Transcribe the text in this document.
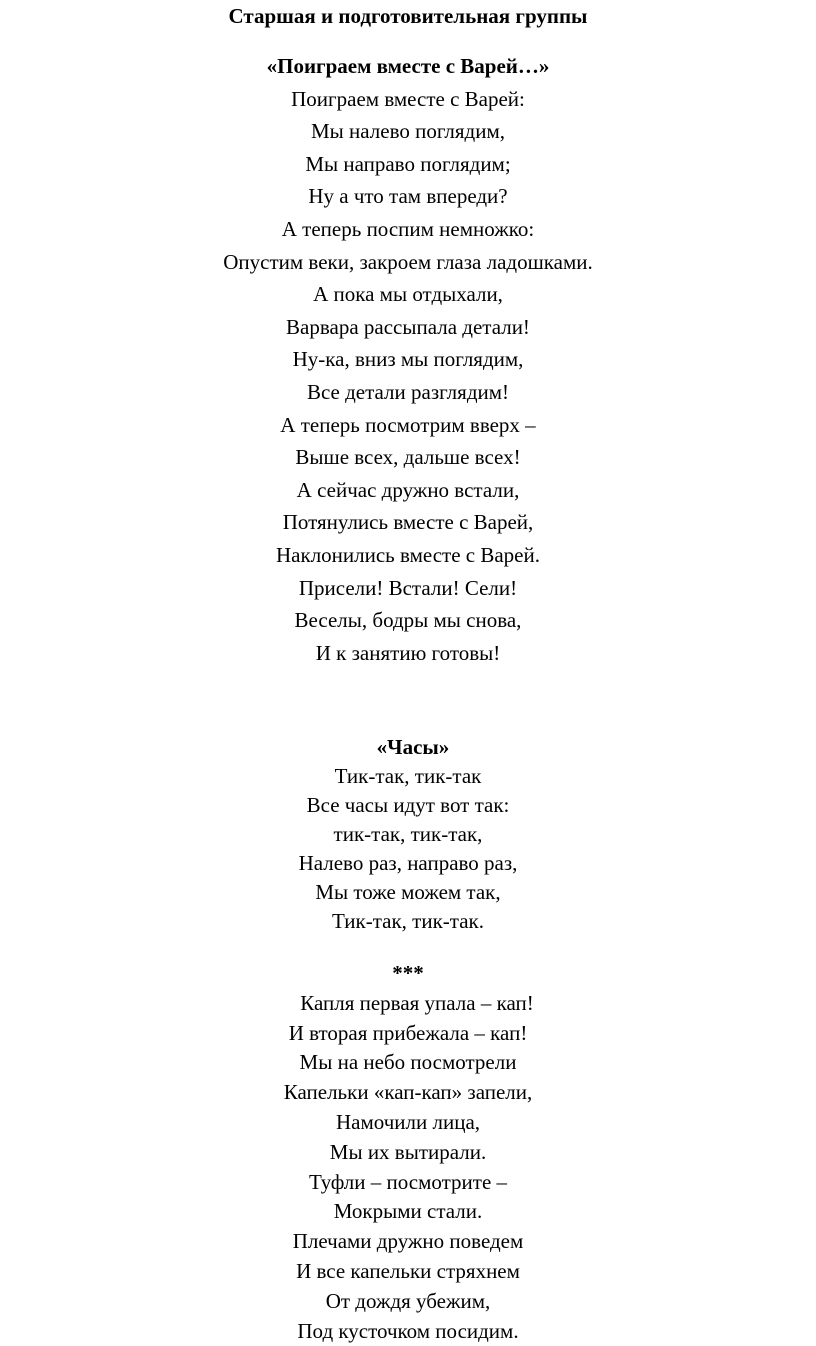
Старшая и подготовительная группы
«Поиграем вместе с Варей…»
Поиграем вместе с Варей:
Мы налево поглядим,
Мы направо поглядим;
Ну а что там впереди?
А теперь поспим немножко:
Опустим веки, закроем глаза ладошками.
А пока мы отдыхали,
Варвара рассыпала детали!
Ну-ка, вниз мы поглядим,
Все детали разглядим!
А теперь посмотрим вверх –
Выше всех, дальше всех!
А сейчас дружно встали,
Потянулись вместе с Варей,
Наклонились вместе с Варей.
Присели! Встали! Сели!
Веселы, бодры мы снова,
И к занятию готовы!
«Часы»
Тик-так, тик-так
Все часы идут вот так:
тик-так, тик-так,
Налево раз, направо раз,
Мы тоже можем так,
Тик-так, тик-так.
***
Капля первая упала – кап!
И вторая прибежала – кап!
Мы на небо посмотрели
Капельки «кап-кап» запели,
Намочили лица,
Мы их вытирали.
Туфли – посмотрите –
Мокрыми стали.
Плечами дружно поведем
И все капельки стряхнем
От дождя убежим,
Под кусточком посидим.
